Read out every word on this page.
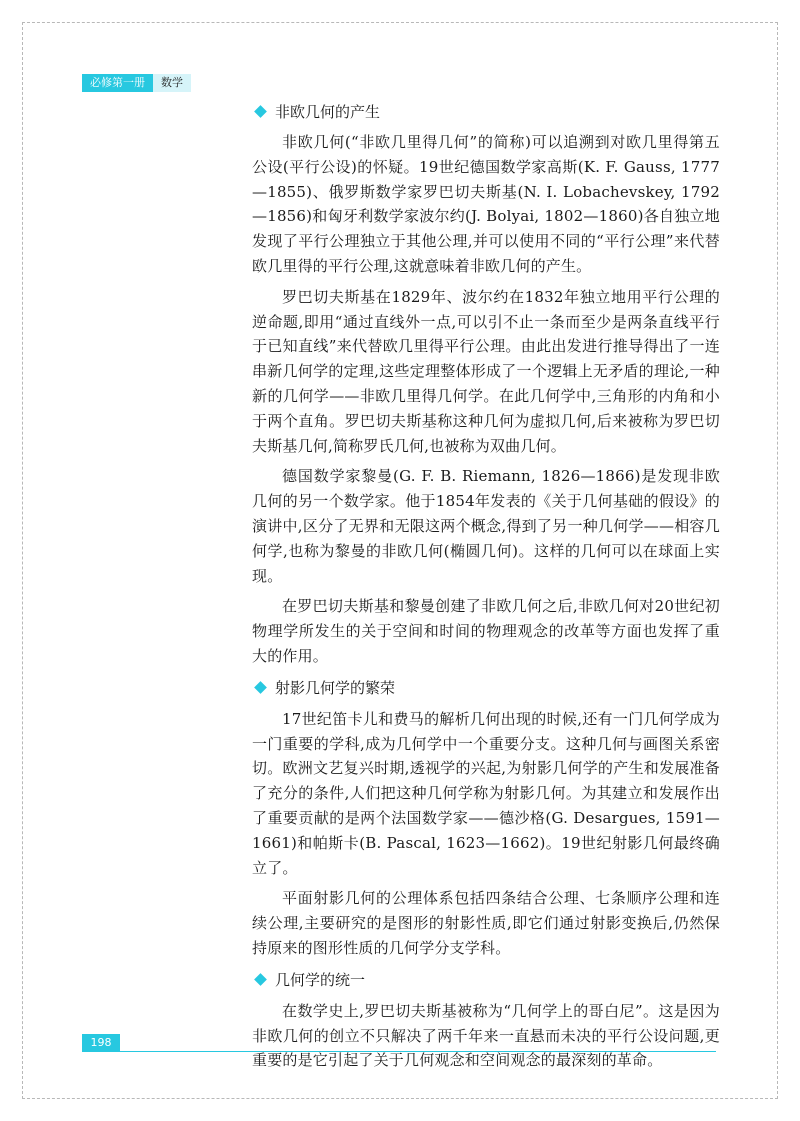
必修第一册	数学
非欧几何的产生

非欧几何(“非欧几里得几何”的简称)可以追溯到对欧几里得第五公设(平行公设)的怀疑。19世纪德国数学家高斯(K. F. Gauss, 1777—1855)、俄罗斯数学家罗巴切夫斯基(N. I. Lobachevskey, 1792—1856)和匈牙利数学家波尔约(J. Bolyai, 1802—1860)各自独立地发现了平行公理独立于其他公理,并可以使用不同的“平行公理”来代替欧几里得的平行公理,这就意味着非欧几何的产生。

罗巴切夫斯基在1829年、波尔约在1832年独立地用平行公理的逆命题,即用“通过直线外一点,可以引不止一条而至少是两条直线平行于已知直线”来代替欧几里得平行公理。由此出发进行推导得出了一连串新几何学的定理,这些定理整体形成了一个逻辑上无矛盾的理论,一种新的几何学——非欧几里得几何学。在此几何学中,三角形的内角和小于两个直角。罗巴切夫斯基称这种几何为虚拟几何,后来被称为罗巴切夫斯基几何,简称罗氏几何,也被称为双曲几何。

德国数学家黎曼(G. F. B. Riemann, 1826—1866)是发现非欧几何的另一个数学家。他于1854年发表的《关于几何基础的假设》的演讲中,区分了无界和无限这两个概念,得到了另一种几何学——相容几何学,也称为黎曼的非欧几何(椭圆几何)。这样的几何可以在球面上实现。

在罗巴切夫斯基和黎曼创建了非欧几何之后,非欧几何对20世纪初物理学所发生的关于空间和时间的物理观念的改革等方面也发挥了重大的作用。

射影几何学的繁荣

17世纪笛卡儿和费马的解析几何出现的时候,还有一门几何学成为一门重要的学科,成为几何学中一个重要分支。这种几何与画图关系密切。欧洲文艺复兴时期,透视学的兴起,为射影几何学的产生和发展准备了充分的条件,人们把这种几何学称为射影几何。为其建立和发展作出了重要贡献的是两个法国数学家——德沙格(G. Desargues, 1591—1661)和帕斯卡(B. Pascal, 1623—1662)。19世纪射影几何最终确立了。

平面射影几何的公理体系包括四条结合公理、七条顺序公理和连续公理,主要研究的是图形的射影性质,即它们通过射影变换后,仍然保持原来的图形性质的几何学分支学科。

几何学的统一

在数学史上,罗巴切夫斯基被称为“几何学上的哥白尼”。这是因为非欧几何的创立不只解决了两千年来一直悬而未决的平行公设问题,更重要的是它引起了关于几何观念和空间观念的最深刻的革命。

198
